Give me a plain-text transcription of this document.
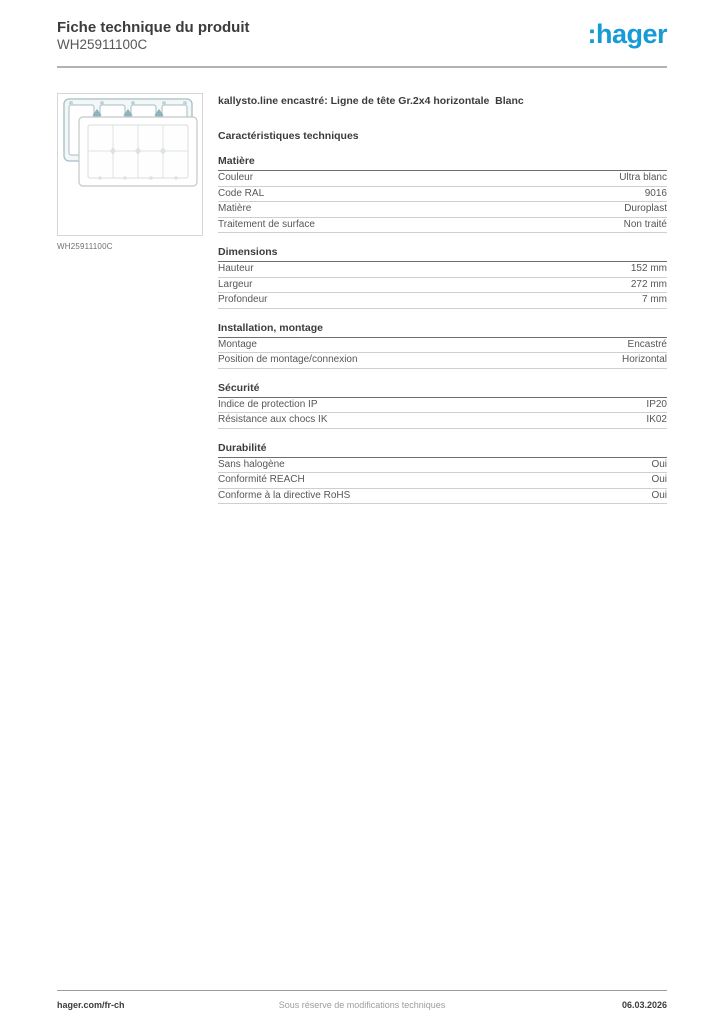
Fiche technique du produit
WH25911100C	:hager
WH25911100C
kallysto.line encastré: Ligne de tête Gr.2x4 horizontale  Blanc
Caractéristiques techniques
Matière
Couleur	Ultra blanc
Code RAL	9016
Matière	Duroplast
Traitement de surface	Non traité
Dimensions
Hauteur	152 mm
Largeur	272 mm
Profondeur	7 mm
Installation, montage
Montage	Encastré
Position de montage/connexion	Horizontal
Sécurité
Indice de protection IP	IP20
Résistance aux chocs IK	IK02
Durabilité
Sans halogène	Oui
Conformité REACH	Oui
Conforme à la directive RoHS	Oui
hager.com/fr-ch	Sous réserve de modifications techniques	06.03.2026
